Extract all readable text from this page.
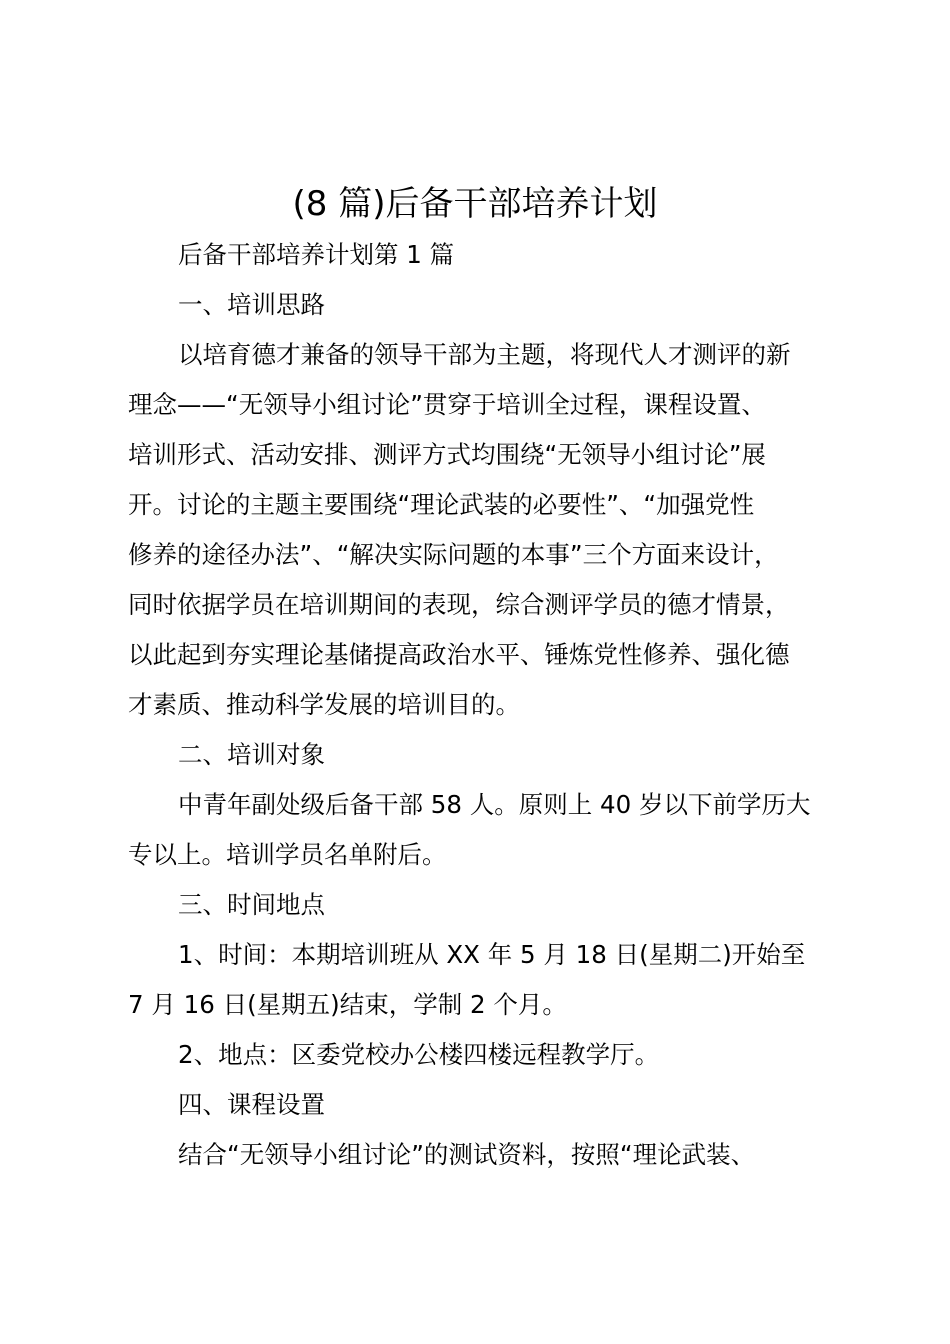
(8 篇)后备干部培养计划
后备干部培养计划第 1 篇
一、培训思路
以培育德才兼备的领导干部为主题，将现代人才测评的新
理念——“无领导小组讨论”贯穿于培训全过程，课程设置、
培训形式、活动安排、测评方式均围绕“无领导小组讨论”展
开。讨论的主题主要围绕“理论武装的必要性”、“加强党性
修养的途径办法”、“解决实际问题的本事”三个方面来设计，
同时依据学员在培训期间的表现，综合测评学员的德才情景，
以此起到夯实理论基储提高政治水平、锤炼党性修养、强化德
才素质、推动科学发展的培训目的。
二、培训对象
中青年副处级后备干部 58 人。原则上 40 岁以下前学历大
专以上。培训学员名单附后。
三、时间地点
1、时间：本期培训班从 XX 年 5 月 18 日(星期二)开始至
7 月 16 日(星期五)结束，学制 2 个月。
2、地点：区委党校办公楼四楼远程教学厅。
四、课程设置
结合“无领导小组讨论”的测试资料，按照“理论武装、
